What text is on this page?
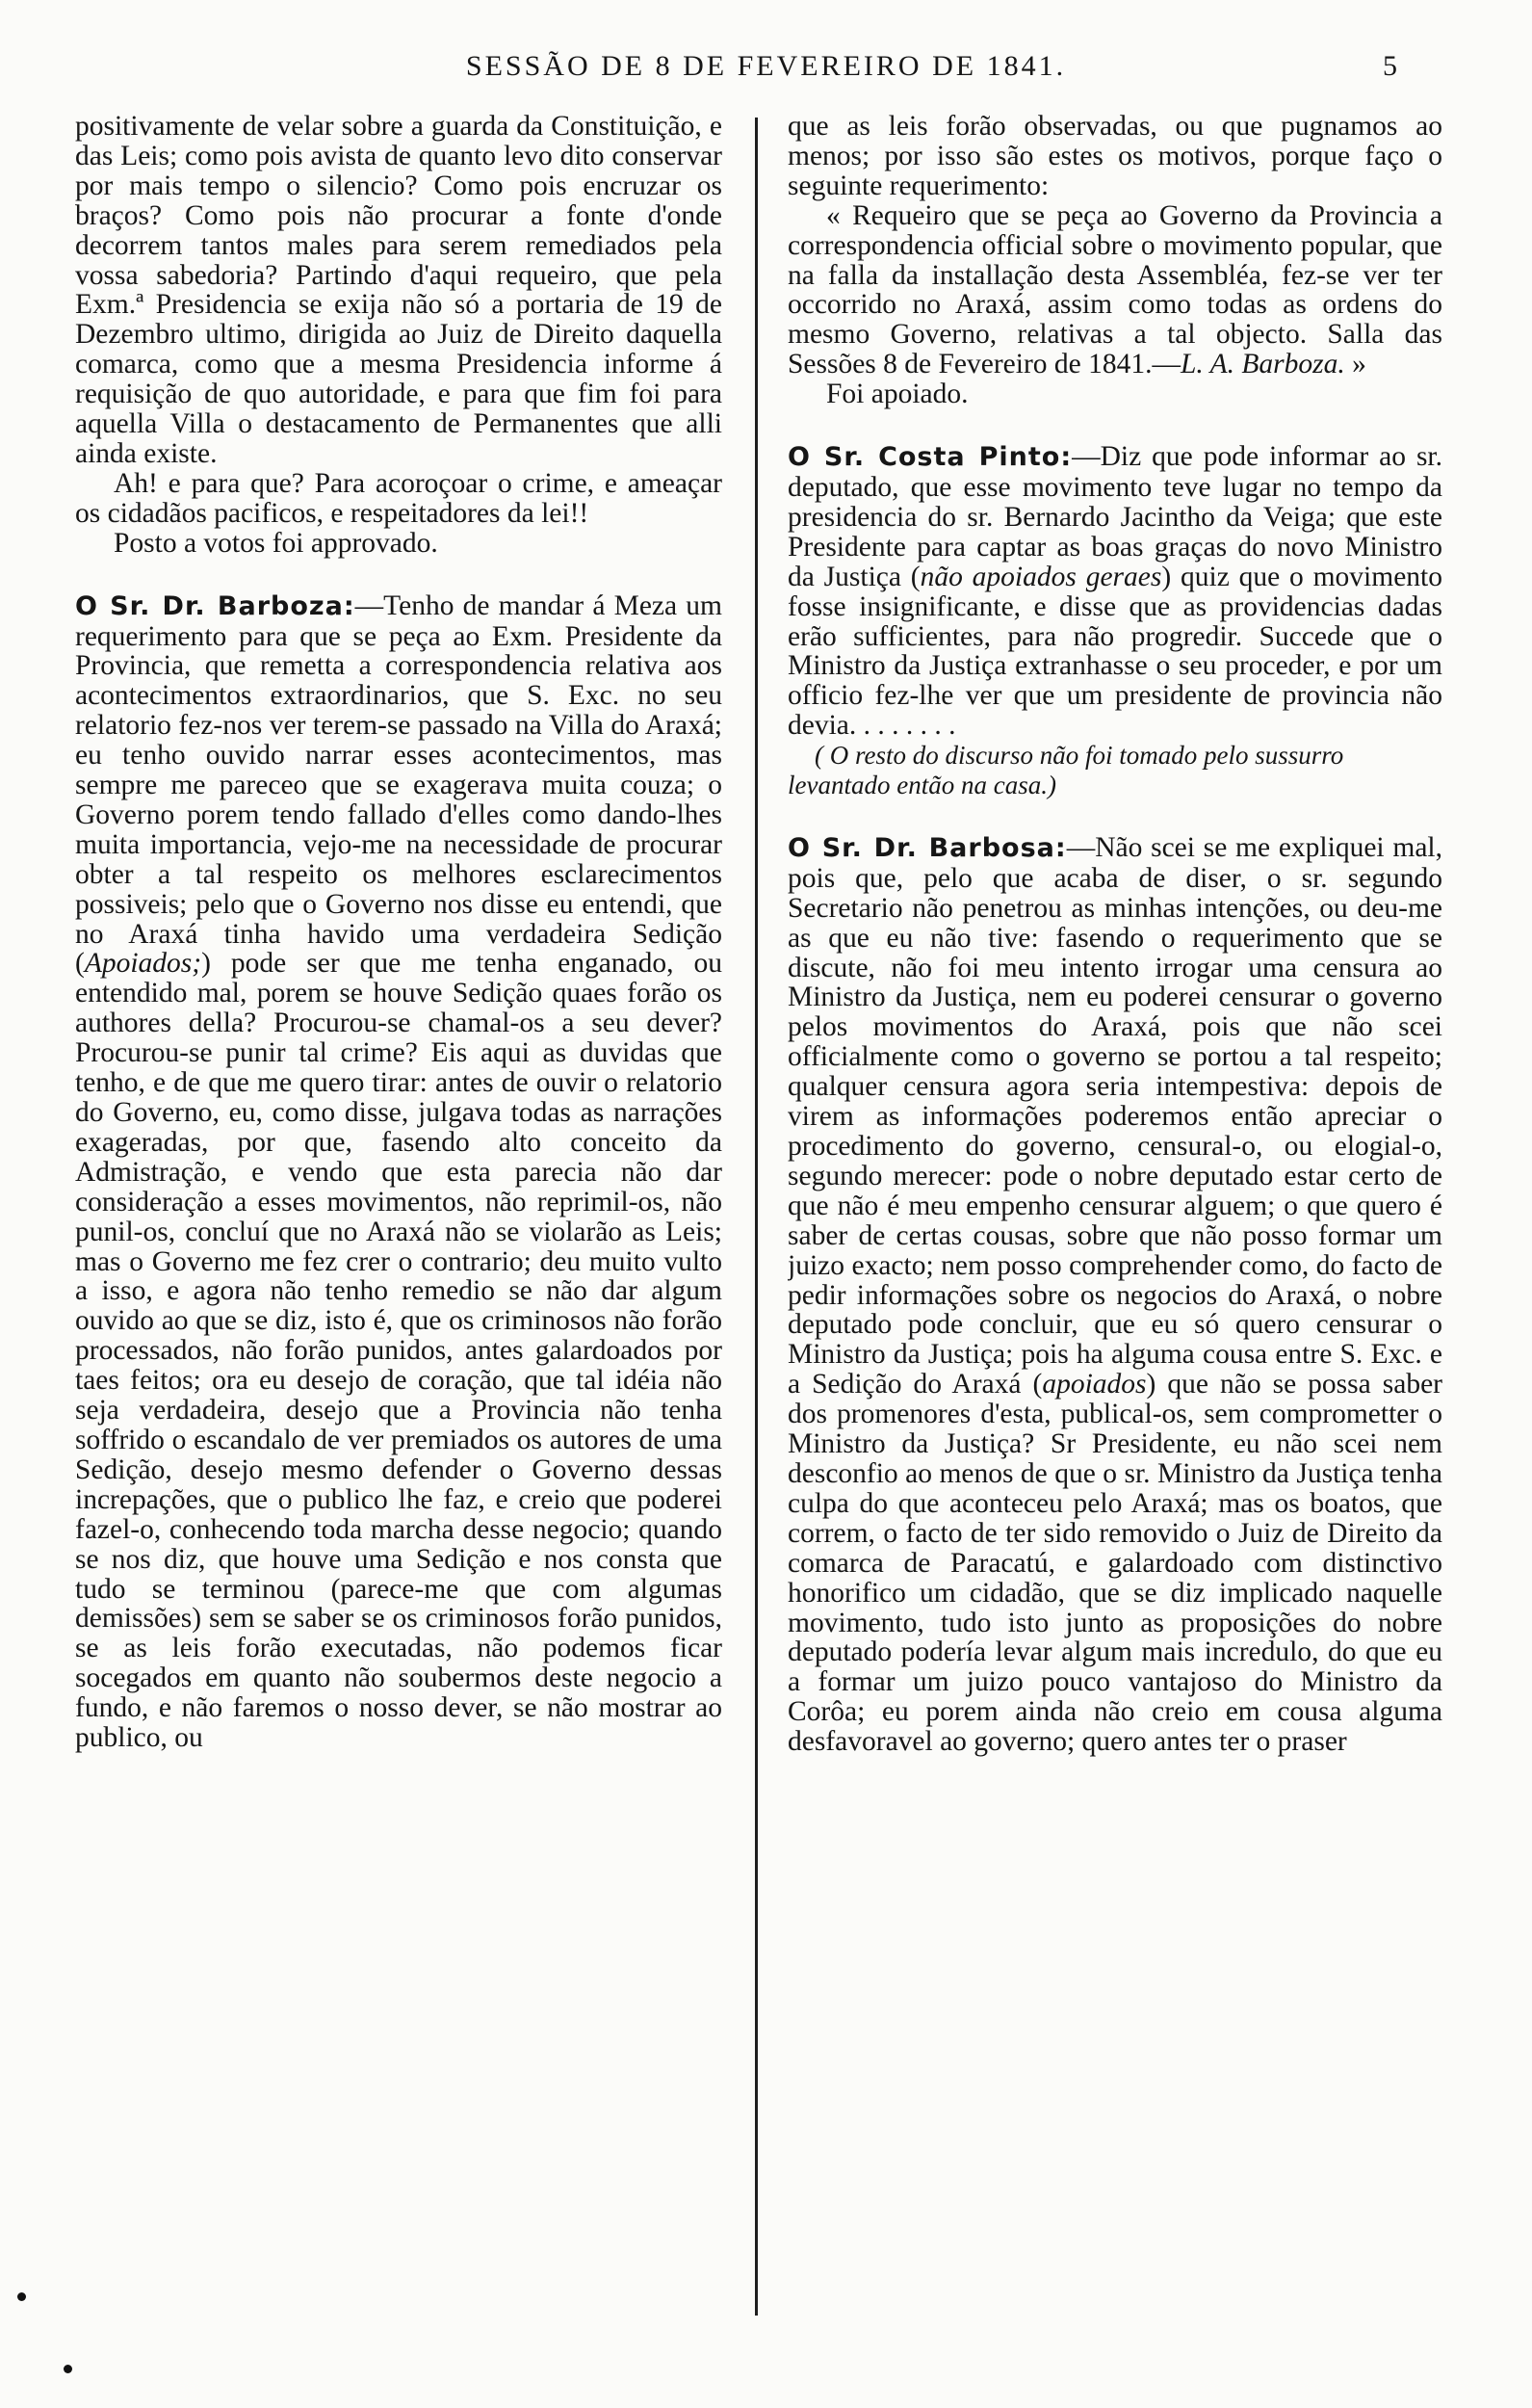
SESSÃO DE 8 DE FEVEREIRO DE 1841.	5

positivamente de velar sobre a guarda da Constituição, e das Leis; como pois avista de quanto levo dito conservar por mais tempo o silencio? Como pois encruzar os braços? Como pois não procurar a fonte d'onde decorrem tantos males para serem remediados pela vossa sabedoria? Partindo d'aqui requeiro, que pela Exm.ª Presidencia se exija não só a portaria de 19 de Dezembro ultimo, dirigida ao Juiz de Direito daquella comarca, como que a mesma Presidencia informe á requisição de quo autoridade, e para que fim foi para aquella Villa o destacamento de Permanentes que alli ainda existe.

Ah! e para que? Para acoroçoar o crime, e ameaçar os cidadãos pacificos, e respeitadores da lei!!

Posto a votos foi approvado.

O Sr. Dr. Barboza:—Tenho de mandar á Meza um requerimento para que se peça ao Exm. Presidente da Provincia, que remetta a correspondencia relativa aos acontecimentos extraordinarios, que S. Exc. no seu relatorio fez-nos ver terem-se passado na Villa do Araxá; eu tenho ouvido narrar esses acontecimentos, mas sempre me pareceo que se exagerava muita couza; o Governo porem tendo fallado d'elles como dando-lhes muita importancia, vejo-me na necessidade de procurar obter a tal respeito os melhores esclarecimentos possiveis; pelo que o Governo nos disse eu entendi, que no Araxá tinha havido uma verdadeira Sedição (Apoiados;) pode ser que me tenha enganado, ou entendido mal, porem se houve Sedição quaes forão os authores della? Procurou-se chamal-os a seu dever? Procurou-se punir tal crime? Eis aqui as duvidas que tenho, e de que me quero tirar: antes de ouvir o relatorio do Governo, eu, como disse, julgava todas as narrações exageradas, por que, fasendo alto conceito da Admistração, e vendo que esta parecia não dar consideração a esses movimentos, não reprimil-os, não punil-os, concluí que no Araxá não se violarão as Leis; mas o Governo me fez crer o contrario; deu muito vulto a isso, e agora não tenho remedio se não dar algum ouvido ao que se diz, isto é, que os criminosos não forão processados, não forão punidos, antes galardoados por taes feitos; ora eu desejo de coração, que tal idéia não seja verdadeira, desejo que a Provincia não tenha soffrido o escandalo de ver premiados os autores de uma Sedição, desejo mesmo defender o Governo dessas increpações, que o publico lhe faz, e creio que poderei fazel-o, conhecendo toda marcha desse negocio; quando se nos diz, que houve uma Sedição e nos consta que tudo se terminou (parece-me que com algumas demissões) sem se saber se os criminosos forão punidos, se as leis forão executadas, não podemos ficar socegados em quanto não soubermos deste negocio a fundo, e não faremos o nosso dever, se não mostrar ao publico, ou

que as leis forão observadas, ou que pugnamos ao menos; por isso são estes os motivos, porque faço o seguinte requerimento:

« Requeiro que se peça ao Governo da Provincia a correspondencia official sobre o movimento popular, que na falla da installação desta Assembléa, fez-se ver ter occorrido no Araxá, assim como todas as ordens do mesmo Governo, relativas a tal objecto. Salla das Sessões 8 de Fevereiro de 1841.—L. A. Barboza. »

Foi apoiado.

O Sr. Costa Pinto:—Diz que pode informar ao sr. deputado, que esse movimento teve lugar no tempo da presidencia do sr. Bernardo Jacintho da Veiga; que este Presidente para captar as boas graças do novo Ministro da Justiça (não apoiados geraes) quiz que o movimento fosse insignificante, e disse que as providencias dadas erão sufficientes, para não progredir. Succede que o Ministro da Justiça extranhasse o seu proceder, e por um officio fez-lhe ver que um presidente de provincia não devia. . . . . . . .

( O resto do discurso não foi tomado pelo sussurro levantado então na casa.)

O Sr. Dr. Barbosa:—Não scei se me expliquei mal, pois que, pelo que acaba de diser, o sr. segundo Secretario não penetrou as minhas intenções, ou deu-me as que eu não tive: fasendo o requerimento que se discute, não foi meu intento irrogar uma censura ao Ministro da Justiça, nem eu poderei censurar o governo pelos movimentos do Araxá, pois que não scei officialmente como o governo se portou a tal respeito; qualquer censura agora seria intempestiva: depois de virem as informações poderemos então apreciar o procedimento do governo, censural-o, ou elogial-o, segundo merecer: pode o nobre deputado estar certo de que não é meu empenho censurar alguem; o que quero é saber de certas cousas, sobre que não posso formar um juizo exacto; nem posso comprehender como, do facto de pedir informações sobre os negocios do Araxá, o nobre deputado pode concluir, que eu só quero censurar o Ministro da Justiça; pois ha alguma cousa entre S. Exc. e a Sedição do Araxá (apoiados) que não se possa saber dos promenores d'esta, publical-os, sem comprometter o Ministro da Justiça? Sr Presidente, eu não scei nem desconfio ao menos de que o sr. Ministro da Justiça tenha culpa do que aconteceu pelo Araxá; mas os boatos, que correm, o facto de ter sido removido o Juiz de Direito da comarca de Paracatú, e galardoado com distinctivo honorifico um cidadão, que se diz implicado naquelle movimento, tudo isto junto as proposições do nobre deputado podería levar algum mais incredulo, do que eu a formar um juizo pouco vantajoso do Ministro da Corôa; eu porem ainda não creio em cousa alguma desfavoravel ao governo; quero antes ter o praser
